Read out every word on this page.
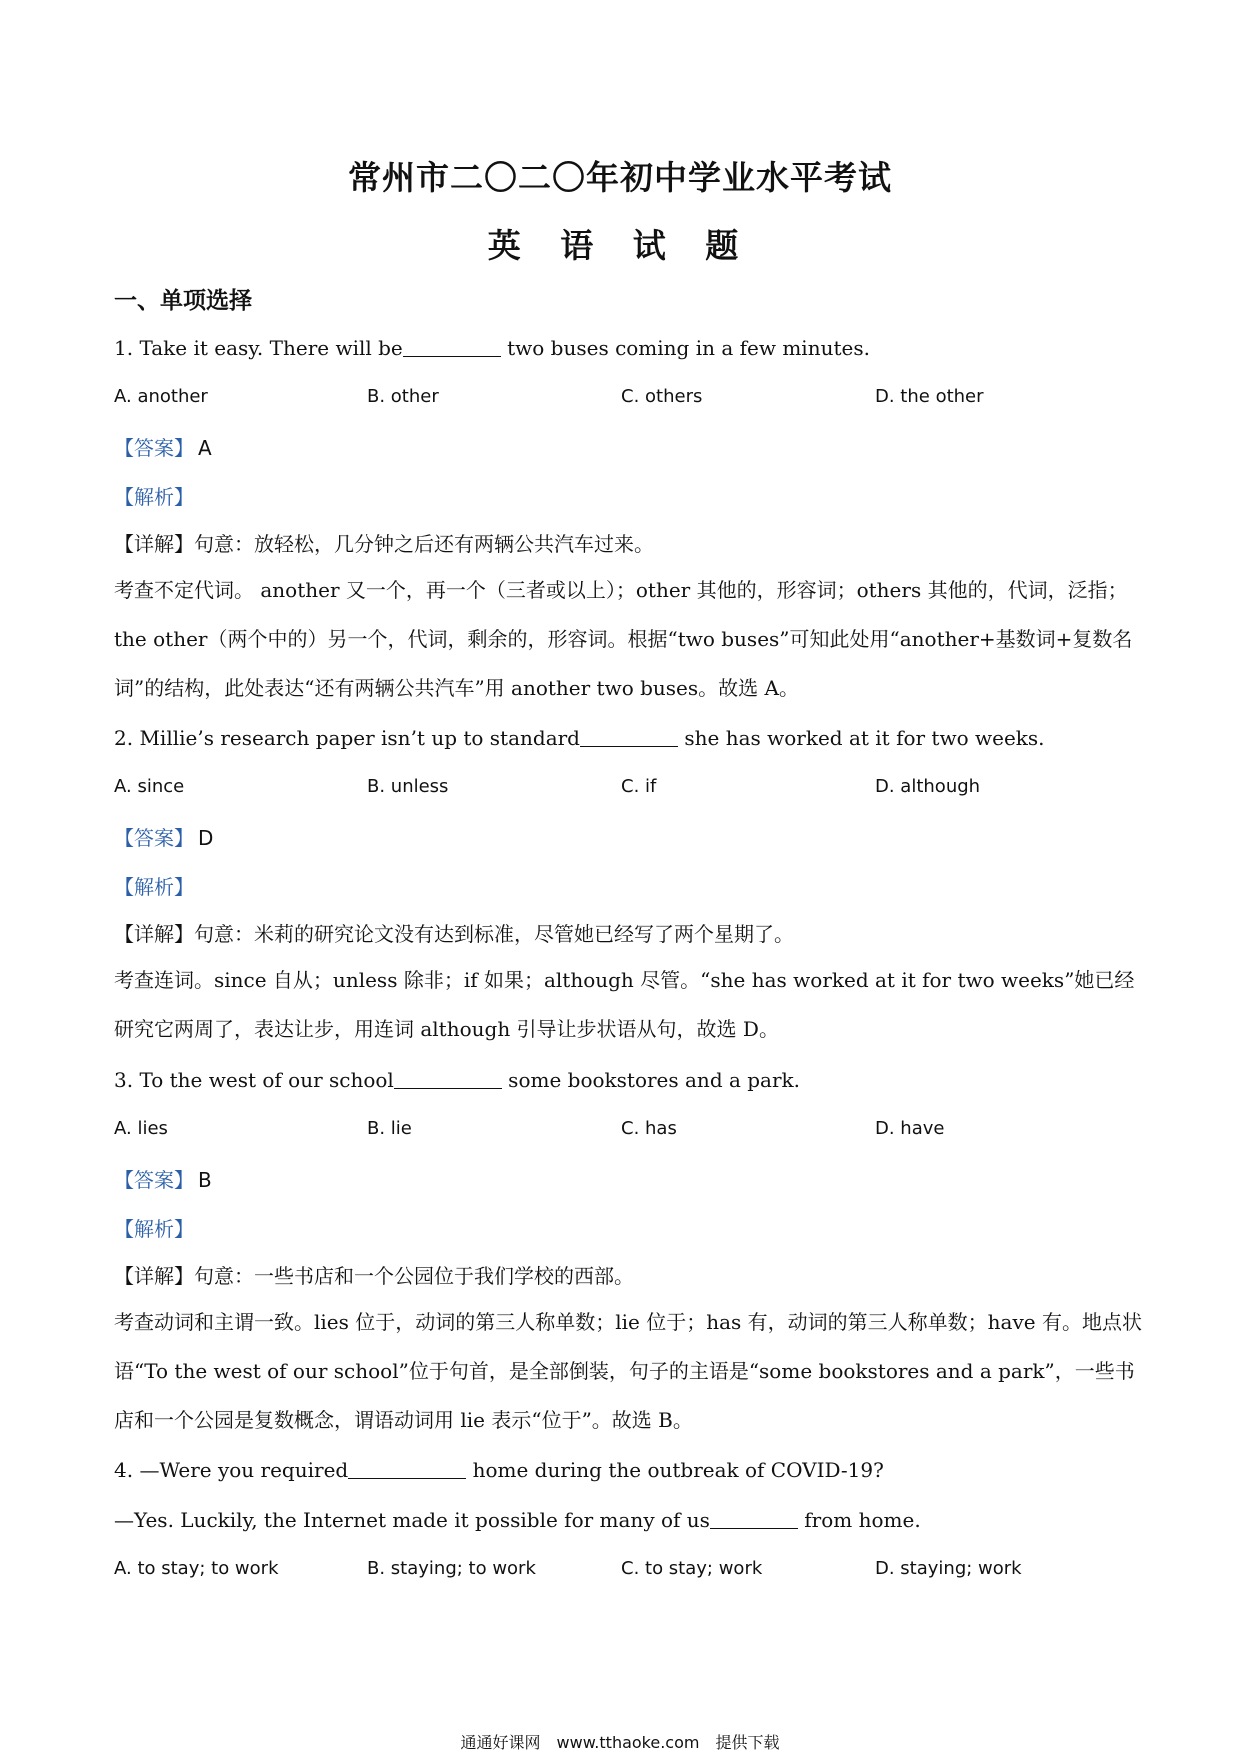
常州市二〇二〇年初中学业水平考试
英 语 试 题
一、单项选择
1. Take it easy. There will be	two buses coming in a few minutes.
A. another	B. other	C. others	D. the other
【答案】 A
【解析】
【详解】句意：放轻松，几分钟之后还有两辆公共汽车过来。
考查不定代词。 another 又一个，再一个（三者或以上）；other 其他的，形容词；others 其他的，代词，泛指；the other（两个中的）另一个，代词，剩余的，形容词。根据“two buses”可知此处用“another+基数词+复数名词”的结构，此处表达“还有两辆公共汽车”用 another two buses。故选 A。
2. Millie’s research paper isn’t up to standard	she has worked at it for two weeks.
A. since	B. unless	C. if	D. although
【答案】 D
【解析】
【详解】句意：米莉的研究论文没有达到标准，尽管她已经写了两个星期了。
考查连词。since 自从；unless 除非；if 如果；although 尽管。“she has worked at it for two weeks”她已经研究它两周了，表达让步，用连词 although 引导让步状语从句，故选 D。
3. To the west of our school	some bookstores and a park.
A. lies	B. lie	C. has	D. have
【答案】 B
【解析】
【详解】句意：一些书店和一个公园位于我们学校的西部。
考查动词和主谓一致。lies 位于，动词的第三人称单数；lie 位于；has 有，动词的第三人称单数；have 有。地点状语“To the west of our school”位于句首，是全部倒装，句子的主语是“some bookstores and a park”，一些书店和一个公园是复数概念，谓语动词用 lie 表示“位于”。故选 B。
4. —Were you required	home during the outbreak of COVID-19?
—Yes. Luckily, the Internet made it possible for many of us	from home.
A. to stay; to work	B. staying; to work	C. to stay; work	D. staying; work
通通好课网 www.tthaoke.com 提供下载
